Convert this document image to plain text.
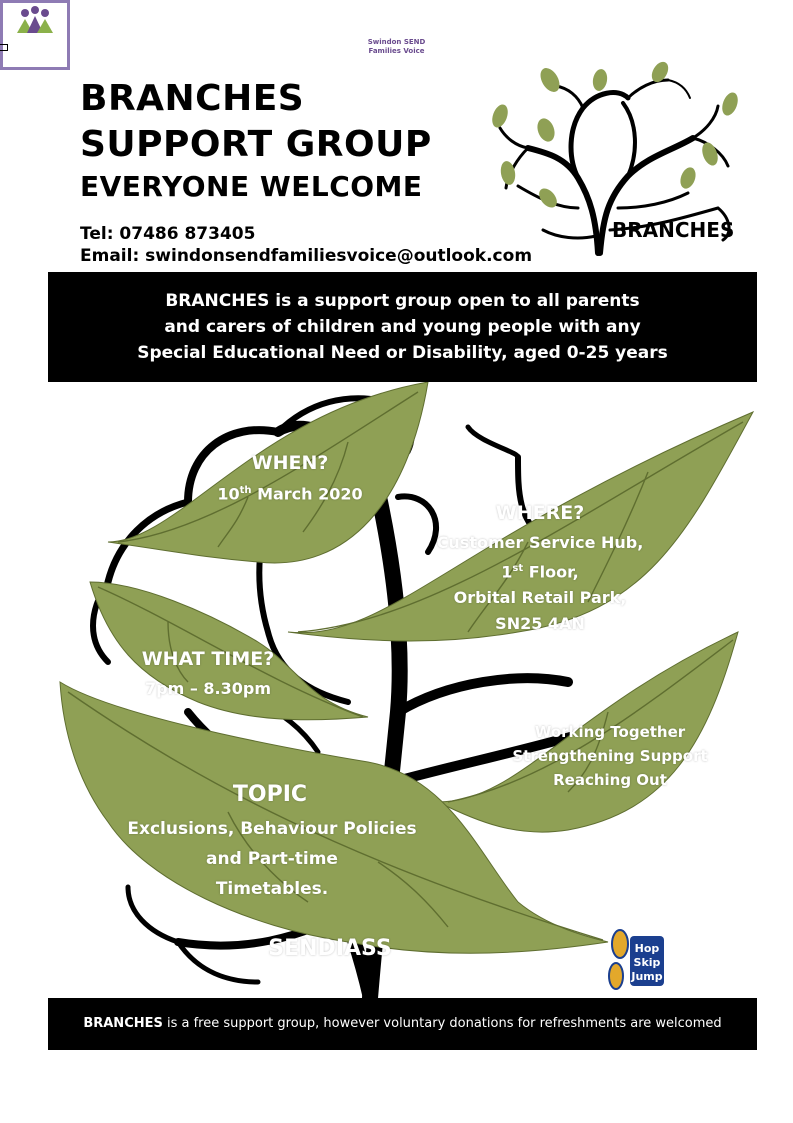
BRANCHES
SUPPORT GROUP
EVERYONE WELCOME
Tel: 07486 873405
Email: swindonsendfamiliesvoice@outlook.com
BRANCHES
BRANCHES is a support group open to all parents
and carers of children and young people with any
Special Educational Need or Disability, aged 0-25 years
WHEN?
10th March 2020
WHERE?
Customer Service Hub,
1st Floor,
Orbital Retail Park,
SN25 4AN
WHAT TIME?
7pm – 8.30pm
Working Together
Strengthening Support
Reaching Out
TOPIC
Exclusions, Behaviour Policies
and Part-time
Timetables.
SENDIASS	Hop
Skip
Jump
Swindon SEND
Families Voice
BRANCHES is a free support group, however voluntary donations for refreshments are welcomed
